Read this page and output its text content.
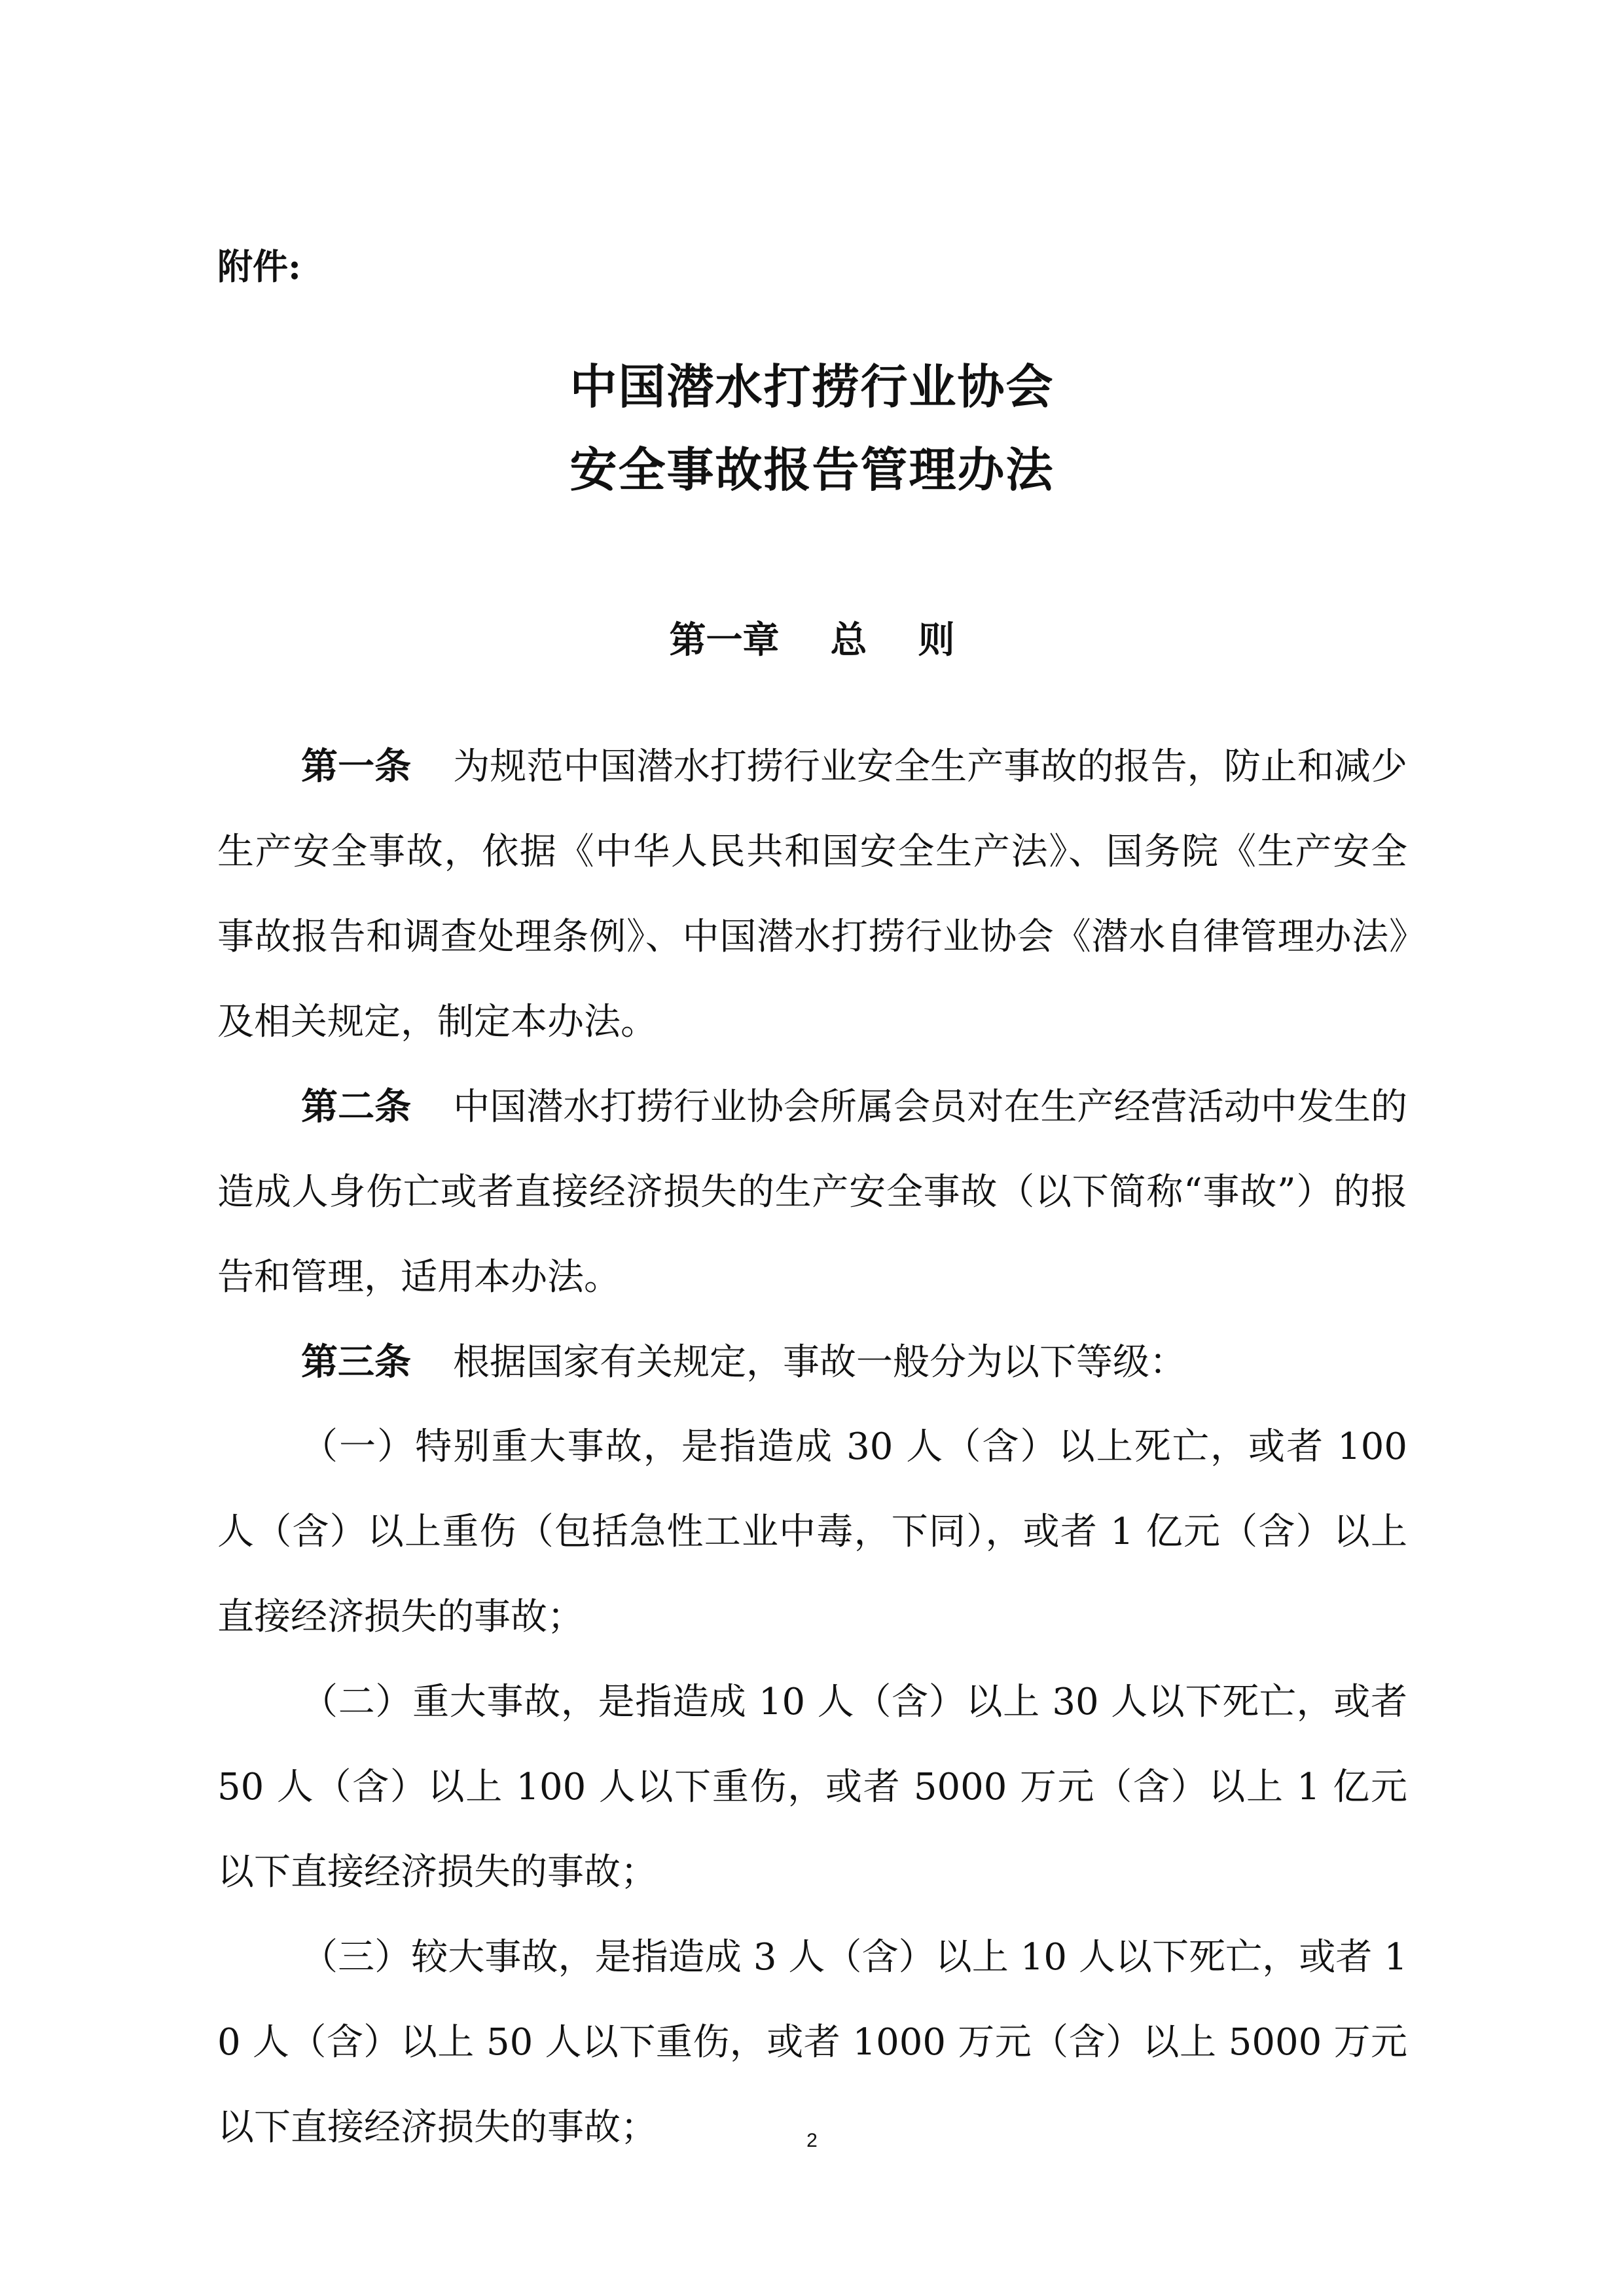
附件:
中国潜水打捞行业协会
安全事故报告管理办法
第一章    总    则

第一条 为规范中国潜水打捞行业安全生产事故的报告，防止和减少生产安全事故，依据《中华人民共和国安全生产法》、国务院《生产安全事故报告和调查处理条例》、中国潜水打捞行业协会《潜水自律管理办法》及相关规定，制定本办法。

第二条 中国潜水打捞行业协会所属会员对在生产经营活动中发生的造成人身伤亡或者直接经济损失的生产安全事故（以下简称“事故”）的报告和管理，适用本办法。

第三条 根据国家有关规定，事故一般分为以下等级：

（一）特别重大事故，是指造成 30 人（含）以上死亡，或者 100 人（含）以上重伤（包括急性工业中毒，下同），或者 1 亿元（含）以上直接经济损失的事故；

（二）重大事故，是指造成 10 人（含）以上 30 人以下死亡，或者 50 人（含）以上 100 人以下重伤，或者 5000 万元（含）以上 1 亿元以下直接经济损失的事故；

（三）较大事故，是指造成 3 人（含）以上 10 人以下死亡，或者 10 人（含）以上 50 人以下重伤，或者 1000 万元（含）以上 5000 万元以下直接经济损失的事故；	2
